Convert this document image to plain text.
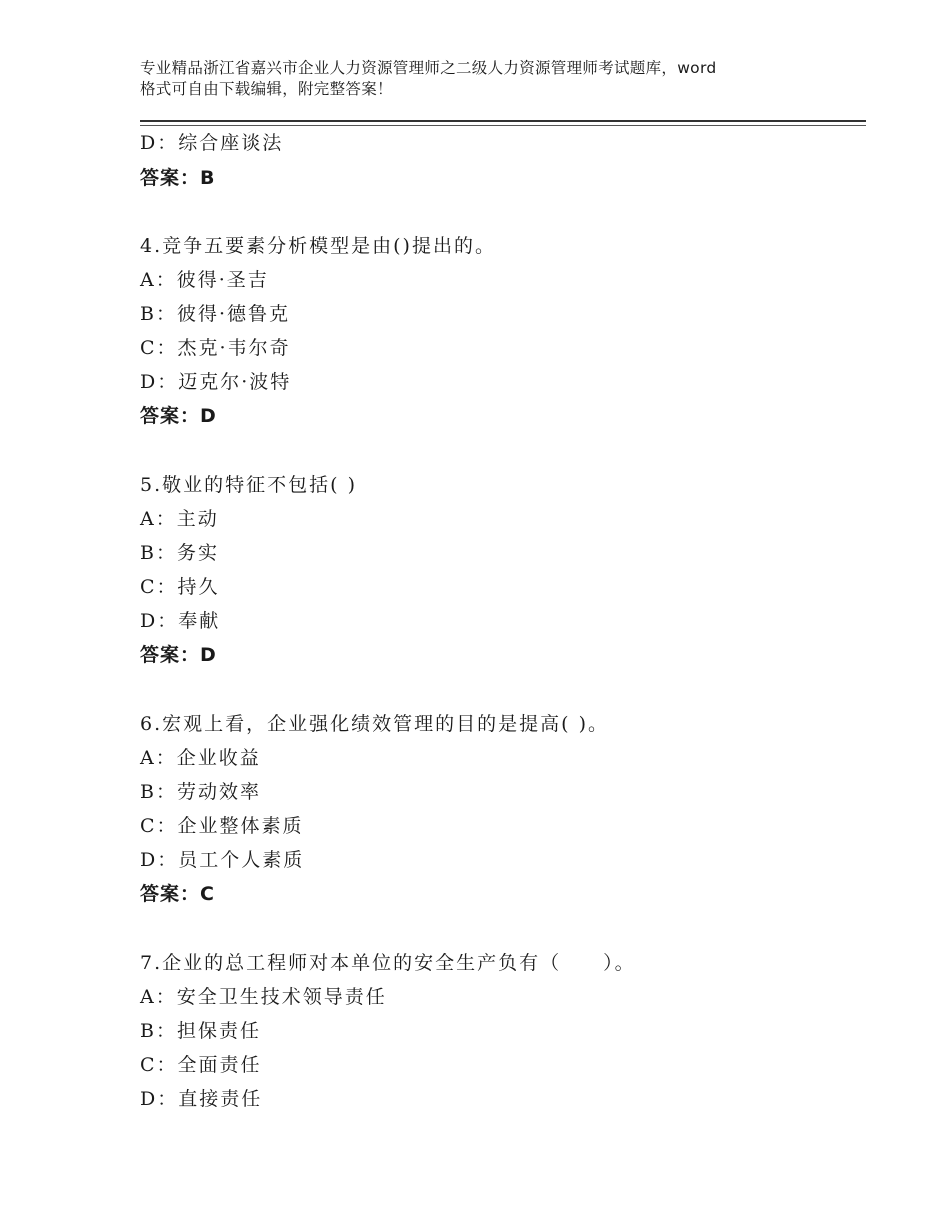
专业精品浙江省嘉兴市企业人力资源管理师之二级人力资源管理师考试题库，word
格式可自由下载编辑，附完整答案！
D：综合座谈法
答案：B
4.竞争五要素分析模型是由()提出的。
A：彼得·圣吉
B：彼得·德鲁克
C：杰克·韦尔奇
D：迈克尔·波特
答案：D
5.敬业的特征不包括( )
A：主动
B：务实
C：持久
D：奉献
答案：D
6.宏观上看，企业强化绩效管理的目的是提高( )。
A：企业收益
B：劳动效率
C：企业整体素质
D：员工个人素质
答案：C
7.企业的总工程师对本单位的安全生产负有（　　）。
A：安全卫生技术领导责任
B：担保责任
C：全面责任
D：直接责任
